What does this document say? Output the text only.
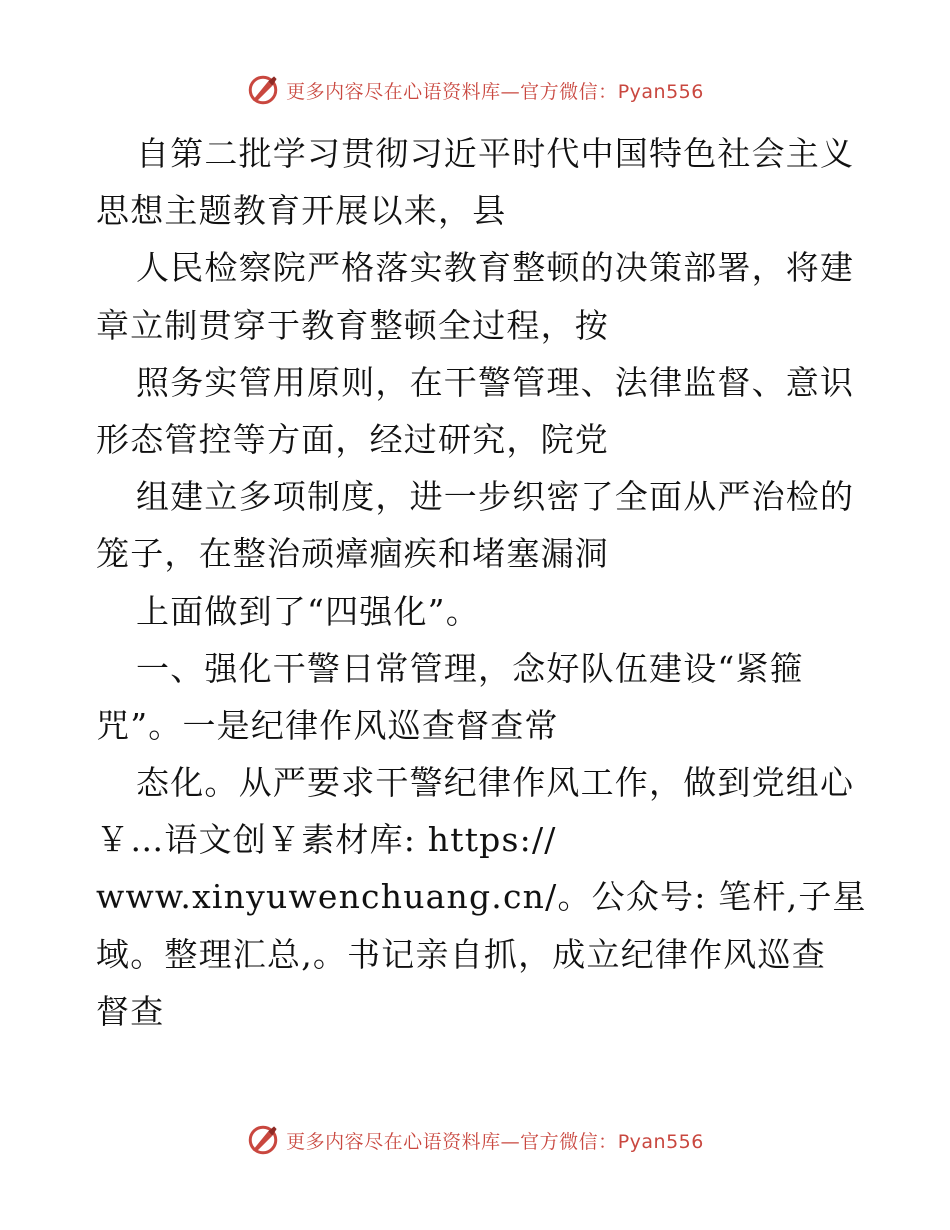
更多内容尽在心语资料库—官方微信：Pyan556
自第二批学习贯彻习近平时代中国特色社会主义
思想主题教育开展以来，县
人民检察院严格落实教育整顿的决策部署，将建
章立制贯穿于教育整顿全过程，按
照务实管用原则，在干警管理、法律监督、意识
形态管控等方面，经过研究，院党
组建立多项制度，进一步织密了全面从严治检的
笼子，在整治顽瘴痼疾和堵塞漏洞
上面做到了“四强化”。
一、强化干警日常管理，念好队伍建设“紧箍
咒”。一是纪律作风巡查督查常
态化。从严要求干警纪律作风工作，做到党组心
￥…语文创￥素材库: https://
www.xinyuwenchuang.cn/。公众号: 笔杆,子星
域。整理汇总,。书记亲自抓，成立纪律作风巡查
督查
更多内容尽在心语资料库—官方微信：Pyan556
